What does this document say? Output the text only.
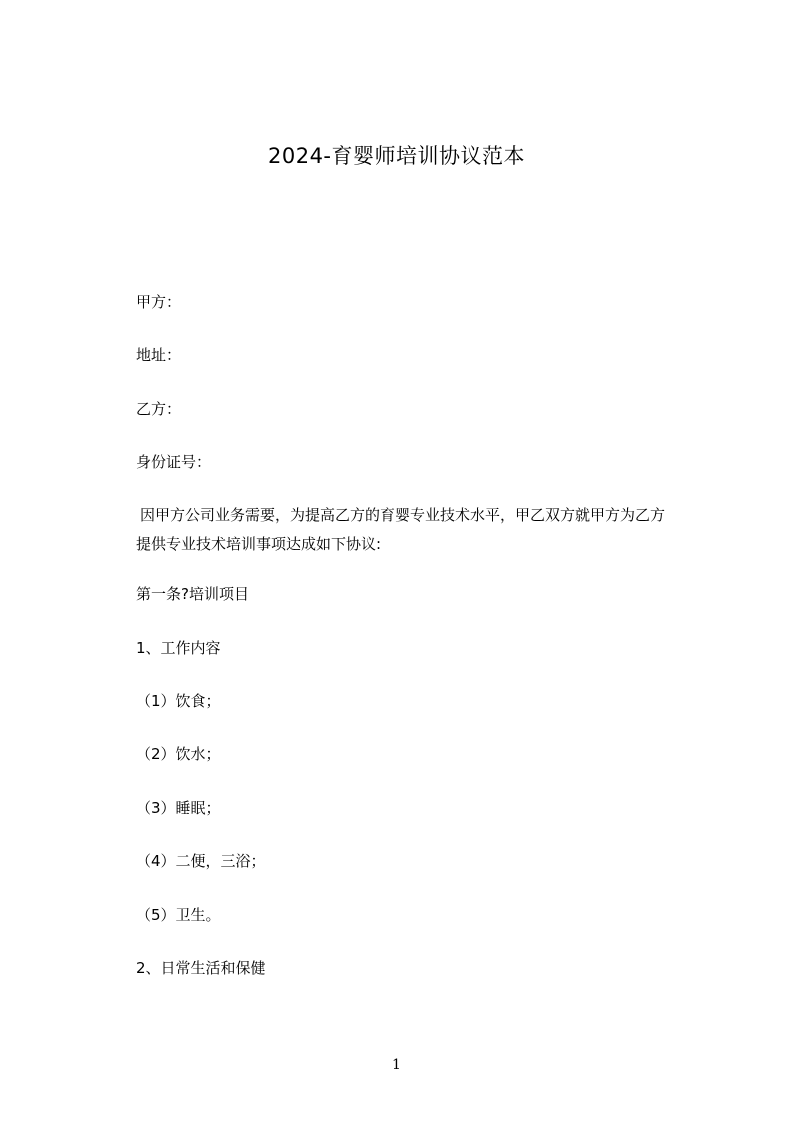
2024-育婴师培训协议范本
甲方：
地址：
乙方：
身份证号：
因甲方公司业务需要，为提高乙方的育婴专业技术水平，甲乙双方就甲方为乙方
提供专业技术培训事项达成如下协议:
第一条?培训项目
1、工作内容
（1）饮食；
（2）饮水；
（3）睡眠；
（4）二便，三浴；
（5）卫生。
2、日常生活和保健
1
